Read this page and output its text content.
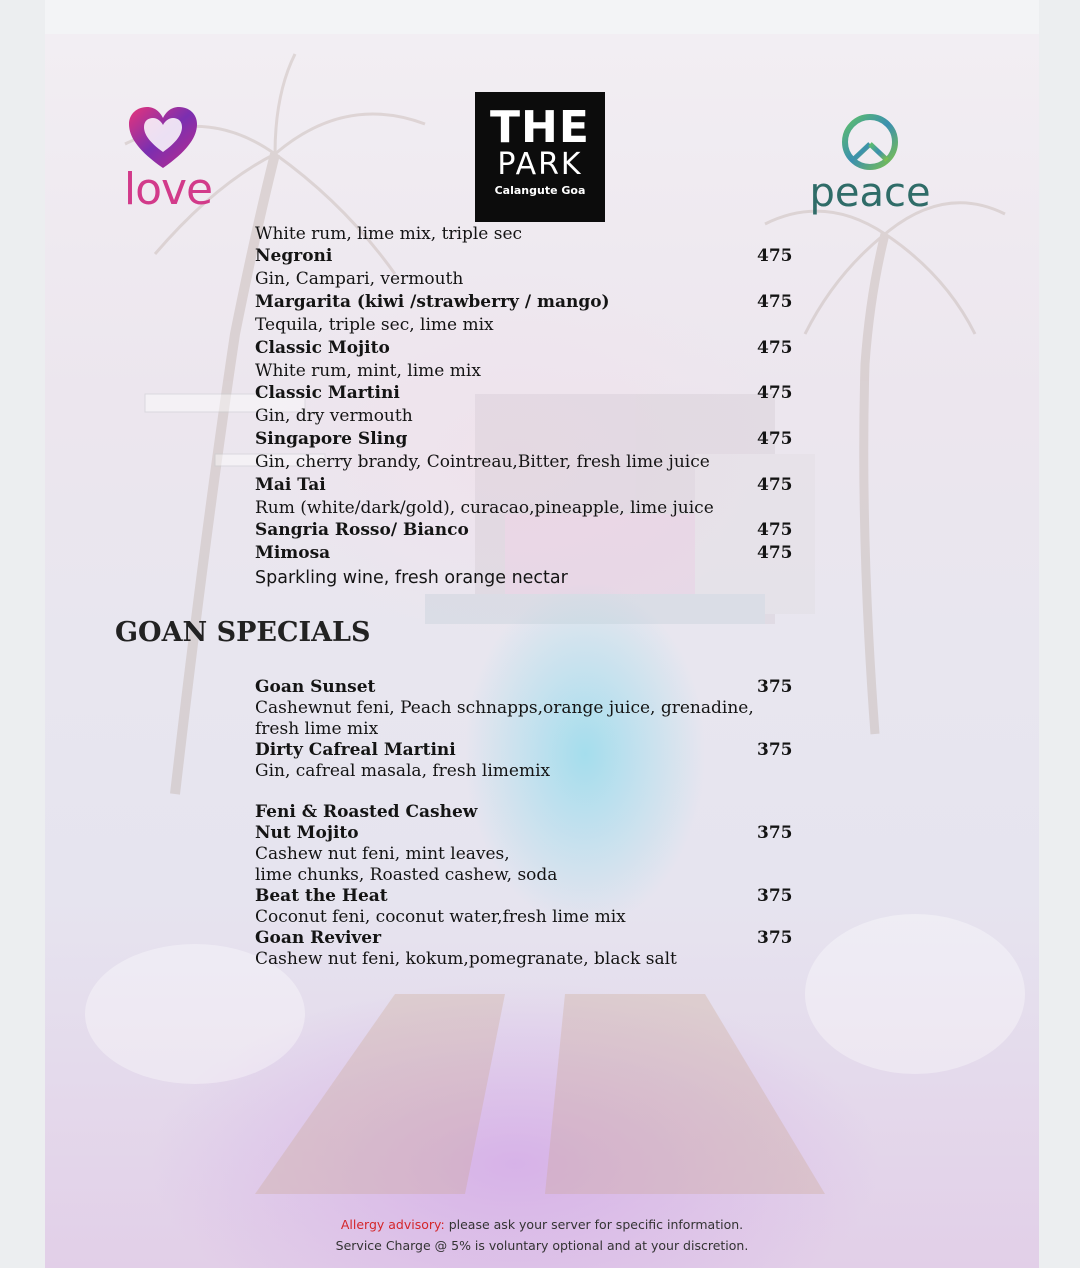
love
THE
PARK
Calangute Goa	peace
White rum, lime mix, triple sec
Negroni	475
Gin, Campari, vermouth
Margarita (kiwi /strawberry / mango)	475
Tequila, triple sec, lime mix
Classic Mojito	475
White rum, mint, lime mix
Classic Martini	475
Gin, dry vermouth
Singapore Sling	475
Gin, cherry brandy, Cointreau,Bitter, fresh lime juice
Mai Tai	475
Rum (white/dark/gold), curacao,pineapple, lime juice
Sangria Rosso/ Bianco	475
Mimosa	475
Sparkling wine, fresh orange nectar
GOAN SPECIALS
Goan Sunset	375
Cashewnut feni, Peach schnapps,orange juice, grenadine,
fresh lime mix
Dirty Cafreal Martini	375
Gin, cafreal masala, fresh limemix
Feni & Roasted Cashew
Nut Mojito	375
Cashew nut feni, mint leaves,
lime chunks, Roasted cashew, soda
Beat the Heat	375
Coconut feni, coconut water,fresh lime mix
Goan Reviver	375
Cashew nut feni, kokum,pomegranate, black salt
Allergy advisory: please ask your server for specific information.
Service Charge @ 5% is voluntary optional and at your discretion.
